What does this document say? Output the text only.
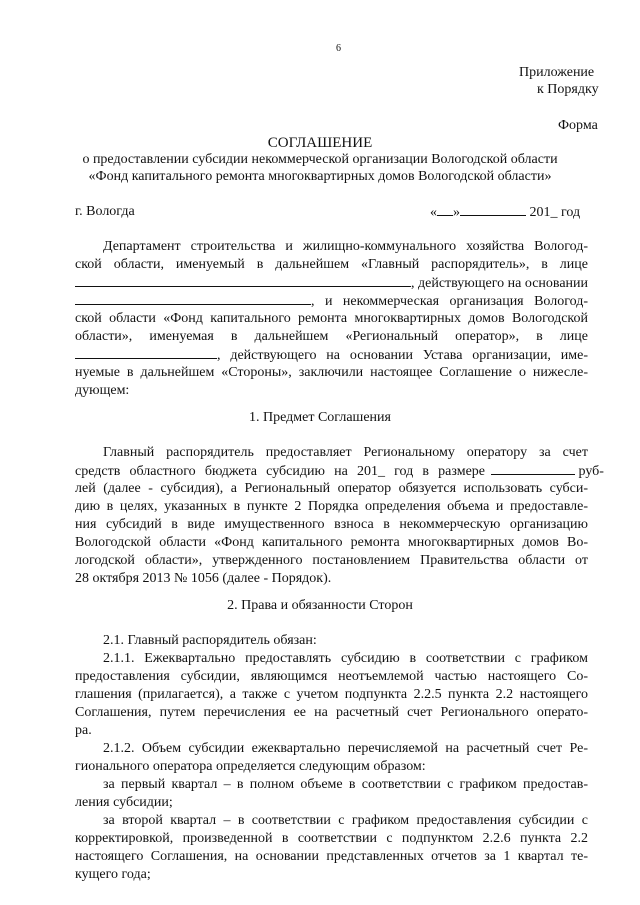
6
Приложение
к Порядку
Форма
СОГЛАШЕНИЕ
о предоставлении субсидии некоммерческой организации Вологодской области
«Фонд капитального ремонта многоквартирных домов Вологодской области»
г. Вологда	« »	201_ год
Департамент строительства и жилищно-коммунального хозяйства Вологод-
ской области, именуемый в дальнейшем «Главный распорядитель», в лице
, действующего на основании
, и некоммерческая организация Вологод-
ской области «Фонд капитального ремонта многоквартирных домов Вологодской
области», именуемая в дальнейшем «Региональный оператор», в лице
, действующего на основании Устава организации, име-
нуемые в дальнейшем «Стороны», заключили настоящее Соглашение о нижесле-
дующем:
1. Предмет Соглашения
Главный распорядитель предоставляет Региональному оператору за счет
средств областного бюджета субсидию на 201_ год в размере	руб-
лей (далее - субсидия), а Региональный оператор обязуется использовать субси-
дию в целях, указанных в пункте 2 Порядка определения объема и предоставле-
ния субсидий в виде имущественного взноса в некоммерческую организацию
Вологодской области «Фонд капитального ремонта многоквартирных домов Во-
логодской области», утвержденного постановлением Правительства области от
28 октября 2013 № 1056 (далее - Порядок).
2. Права и обязанности Сторон
2.1. Главный распорядитель обязан:
2.1.1. Ежеквартально предоставлять субсидию в соответствии с графиком
предоставления субсидии, являющимся неотъемлемой частью настоящего Со-
глашения (прилагается), а также с учетом подпункта 2.2.5 пункта 2.2 настоящего
Соглашения, путем перечисления ее на расчетный счет Регионального операто-
ра.
2.1.2. Объем субсидии ежеквартально перечисляемой на расчетный счет Ре-
гионального оператора определяется следующим образом:
за первый квартал – в полном объеме в соответствии с графиком предостав-
ления субсидии;
за второй квартал – в соответствии с графиком предоставления субсидии с
корректировкой, произведенной в соответствии с подпунктом 2.2.6 пункта 2.2
настоящего Соглашения, на основании представленных отчетов за 1 квартал те-
кущего года;
